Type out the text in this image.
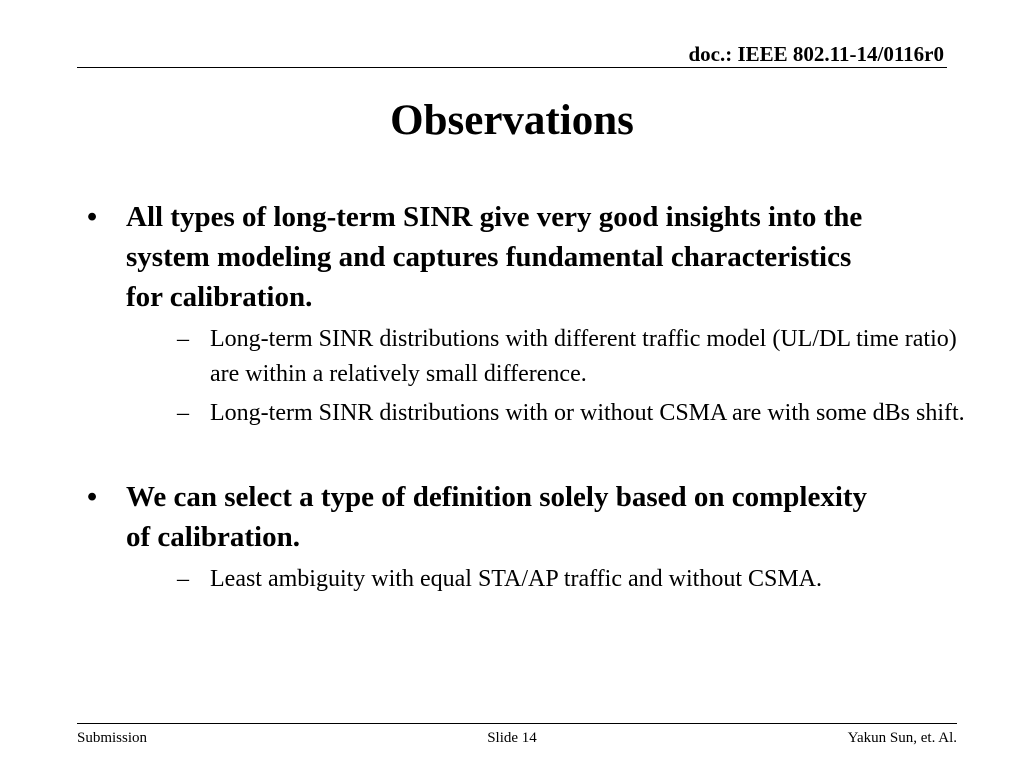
doc.: IEEE 802.11-14/0116r0
Observations
• All types of long-term SINR give very good insights into the system modeling and captures fundamental characteristics for calibration.
– Long-term SINR distributions with different traffic model (UL/DL time ratio) are within a relatively small difference.
– Long-term SINR distributions with or without CSMA are with some dBs shift.
• We can select a type of definition solely based on complexity of calibration.
– Least ambiguity with equal STA/AP traffic and without CSMA.
Submission	Slide 14	Yakun Sun, et. Al.
